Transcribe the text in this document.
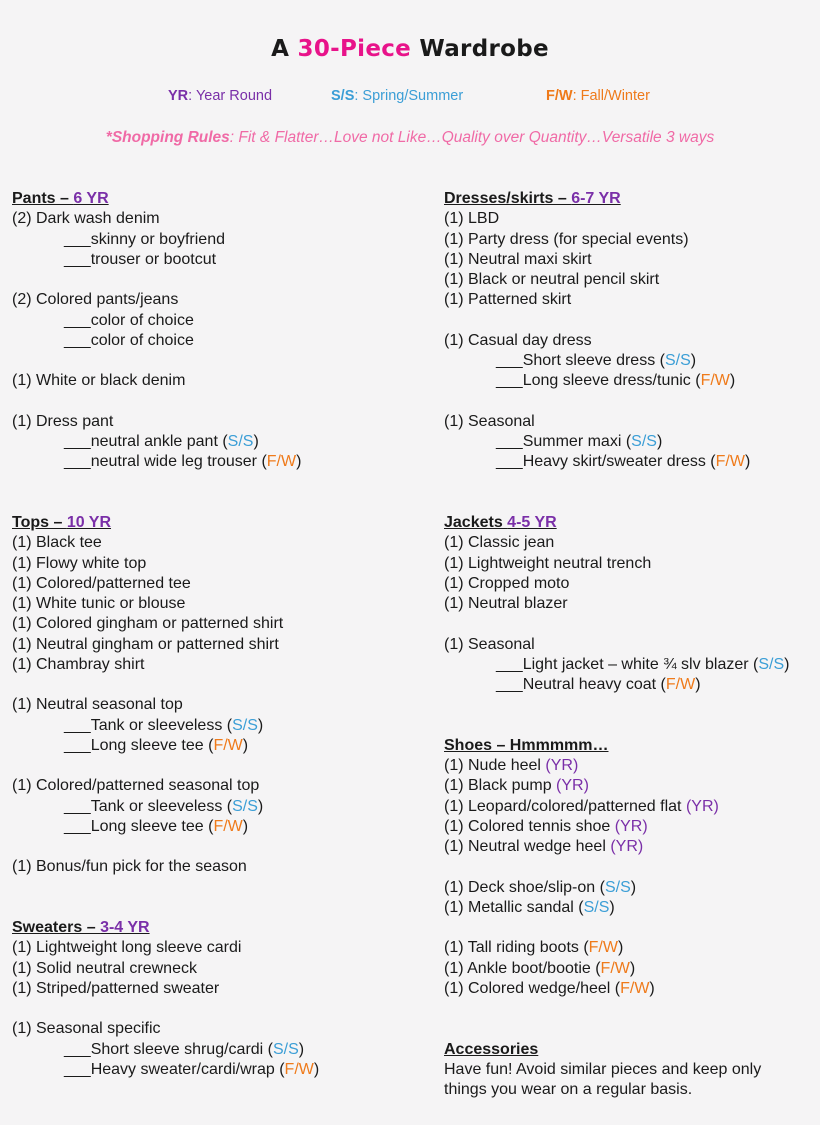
A 30-Piece Wardrobe
YR: Year Round	S/S: Spring/Summer	F/W: Fall/Winter
*Shopping Rules: Fit & Flatter…Love not Like…Quality over Quantity…Versatile 3 ways
Pants – 6 YR
(2) Dark wash denim
___skinny or boyfriend
___trouser or bootcut
(2) Colored pants/jeans
___color of choice
___color of choice
(1) White or black denim
(1) Dress pant
___neutral ankle pant (S/S)
___neutral wide leg trouser (F/W)
Tops – 10 YR
(1) Black tee
(1) Flowy white top
(1) Colored/patterned tee
(1) White tunic or blouse
(1) Colored gingham or patterned shirt
(1) Neutral gingham or patterned shirt
(1) Chambray shirt
(1) Neutral seasonal top
___Tank or sleeveless (S/S)
___Long sleeve tee (F/W)
(1) Colored/patterned seasonal top
___Tank or sleeveless (S/S)
___Long sleeve tee (F/W)
(1) Bonus/fun pick for the season
Sweaters – 3-4 YR
(1) Lightweight long sleeve cardi
(1) Solid neutral crewneck
(1) Striped/patterned sweater
(1) Seasonal specific
___Short sleeve shrug/cardi (S/S)
___Heavy sweater/cardi/wrap (F/W)
Dresses/skirts – 6-7 YR
(1) LBD
(1) Party dress (for special events)
(1) Neutral maxi skirt
(1) Black or neutral pencil skirt
(1) Patterned skirt
(1) Casual day dress
___Short sleeve dress (S/S)
___Long sleeve dress/tunic (F/W)
(1) Seasonal
___Summer maxi (S/S)
___Heavy skirt/sweater dress (F/W)
Jackets 4-5 YR
(1) Classic jean
(1) Lightweight neutral trench
(1) Cropped moto
(1) Neutral blazer
(1) Seasonal
___Light jacket – white ¾ slv blazer (S/S)
___Neutral heavy coat (F/W)
Shoes – Hmmmmm…
(1) Nude heel (YR)
(1) Black pump (YR)
(1) Leopard/colored/patterned flat (YR)
(1) Colored tennis shoe (YR)
(1) Neutral wedge heel (YR)
(1) Deck shoe/slip-on (S/S)
(1) Metallic sandal (S/S)
(1) Tall riding boots (F/W)
(1) Ankle boot/bootie (F/W)
(1) Colored wedge/heel (F/W)
Accessories
Have fun! Avoid similar pieces and keep only
things you wear on a regular basis.
